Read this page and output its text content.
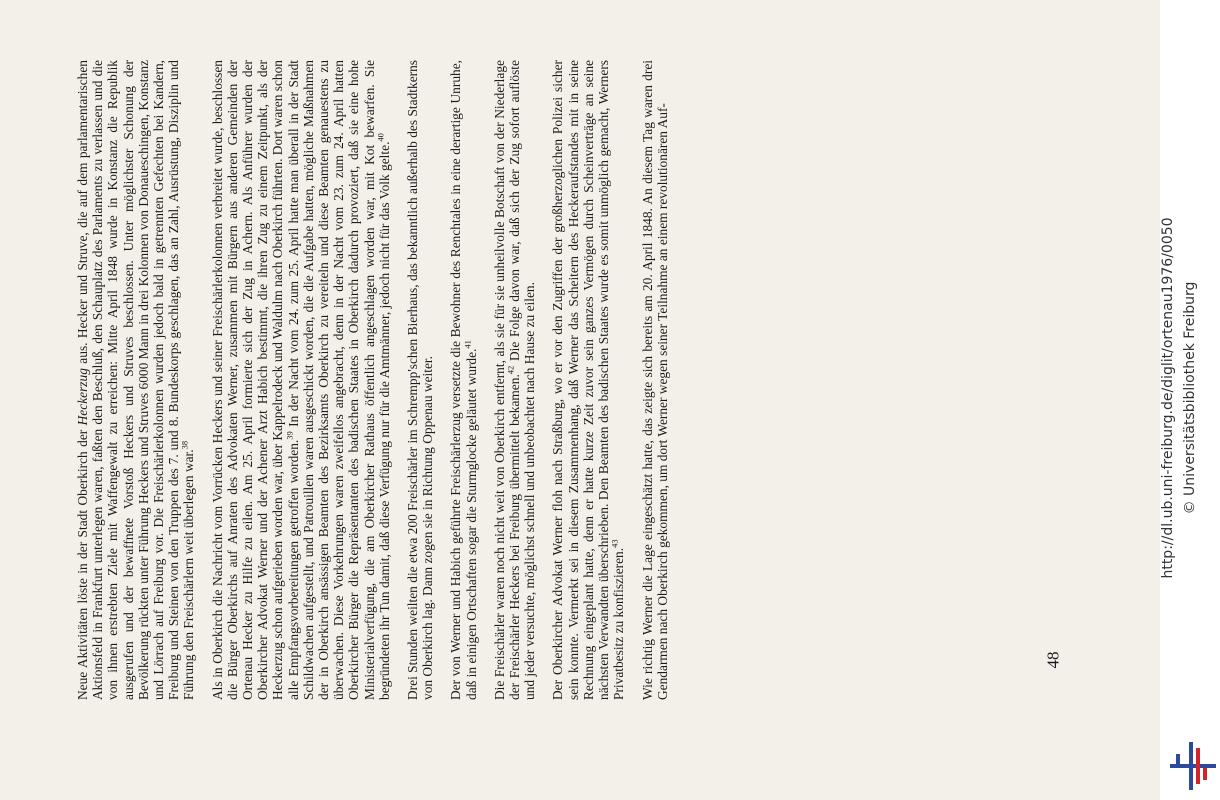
Neue Aktivitäten löste in der Stadt Oberkirch der Heckerzug aus. Hecker und Struve, die auf dem parlamentarischen Aktionsfeld in Frankfurt unterlegen waren, faßten den Beschluß, den Schauplatz des Parlaments zu verlassen und die von ihnen erstrebten Ziele mit Waffengewalt zu erreichen: Mitte April 1848 wurde in Konstanz die Republik ausgerufen und der bewaffnete Vorstoß Heckers und Struves beschlossen. Unter möglichster Schonung der Bevölkerung rückten unter Führung Heckers und Struves 6000 Mann in drei Kolonnen von Donaueschingen, Konstanz und Lörrach auf Freiburg vor. Die Freischärlerkolonnen wurden jedoch bald in getrennten Gefechten bei Kandern, Freiburg und Steinen von den Truppen des 7. und 8. Bundeskorps geschlagen, das an Zahl, Ausrüstung, Disziplin und Führung den Freischärlern weit überlegen war.$^{38}$	Als in Oberkirch die Nachricht vom Vorrücken Heckers und seiner Freischärlerkolonnen verbreitet wurde, beschlossen die Bürger Oberkirchs auf Anraten des Advokaten Werner, zusammen mit Bürgern aus anderen Gemeinden der Ortenau Hecker zu Hilfe zu eilen. Am 25. April formierte sich der Zug in Achern. Als Anführer wurden der Oberkircher Advokat Werner und der Achener Arzt Habich bestimmt, die ihren Zug zu einem Zeitpunkt, als der Heckerzug schon aufgerieben worden war, über Kappelrodeck und Waldulm nach Oberkirch führten. Dort waren schon alle Empfangsvorbereitungen getroffen worden.$^{39}$ In der Nacht vom 24. zum 25. April hatte man überall in der Stadt Schildwachen aufgestellt, und Patrouillen waren ausgeschickt worden, die die Aufgabe hatten, mögliche Maßnahmen der in Oberkirch ansässigen Beamten des Bezirksamts Oberkirch zu vereiteln und diese Beamten genauestens zu überwachen. Diese Vorkehrungen waren zweifellos angebracht, denn in der Nacht vom 23. zum 24. April hatten Oberkircher Bürger die Repräsentanten des badischen Staates in Oberkirch dadurch provoziert, daß sie eine hohe Ministerialverfügung, die am Oberkircher Rathaus öffentlich angeschlagen worden war, mit Kot bewarfen. Sie begründeten ihr Tun damit, daß diese Verfügung nur für die Amtmänner, jedoch nicht für das Volk gelte.$^{40}$	Drei Stunden weilten die etwa 200 Freischärler im Schrempp'schen Bierhaus, das bekanntlich außerhalb des Stadtkerns von Oberkirch lag. Dann zogen sie in Richtung Oppenau weiter. Der von Werner und Habich geführte Freischärlerzug versetzte die Bewohner des Renchtales in eine derartige Unruhe, daß in einigen Ortschaften sogar die Sturmglocke geläutet wurde.$^{41}$	Die Freischärler waren noch nicht weit von Oberkirch entfernt, als sie für sie unheilvolle Botschaft von der Niederlage der Freischärler Heckers bei Freiburg übermittelt bekamen.$^{42}$ Die Folge davon war, daß sich der Zug sofort auflöste und jeder versuchte, möglichst schnell und unbeobachtet nach Hause zu eilen. Der Oberkircher Advokat Werner floh nach Straßburg, wo er vor den Zugriffen der großherzoglichen Polizei sicher sein konnte. Vermerkt sei in diesem Zusammenhang, daß Werner das Scheitern des Heckeraufstandes mit in seine Rechnung eingeplant hatte, denn er hatte kurze Zeit zuvor sein ganzes Vermögen durch Scheinverträge an seine nächsten Verwandten überschrieben. Den Beamten des badischen Staates wurde es somit unmöglich gemacht, Werners Privatbesitz zu konfiszieren.$^{43}$	Wie richtig Werner die Lage eingeschätzt hatte, das zeigte sich bereits am 20. April 1848. An diesem Tag waren drei Gendarmen nach Oberkirch gekommen, um dort Werner wegen seiner Teilnahme an einem revolutionären Auf-	48
http://dl.ub.uni-freiburg.de/diglit/ortenau1976/0050 © Universitätsbibliothek Freiburg
